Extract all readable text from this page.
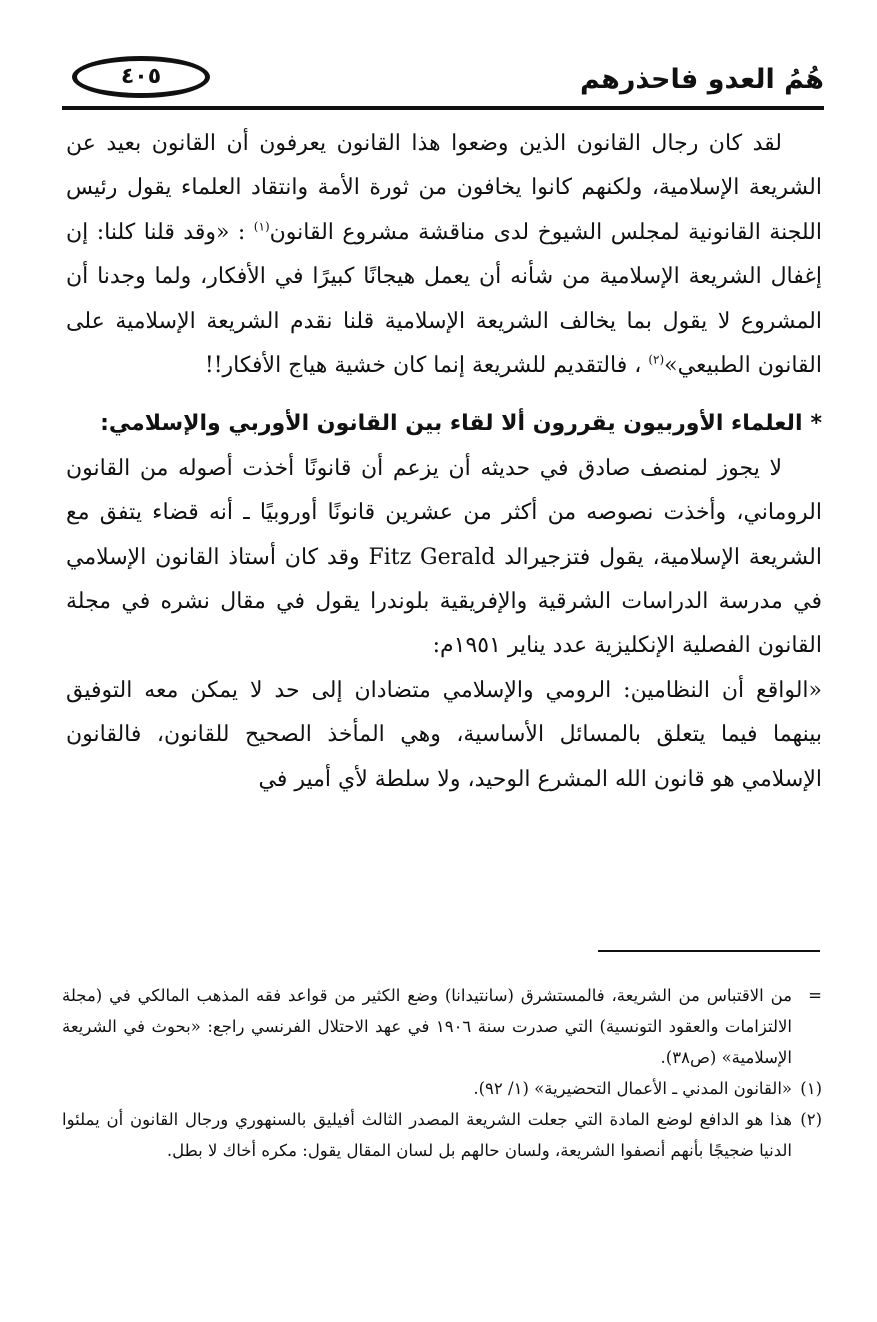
هُمُ العدو فاحذرهم
٤٠٥

لقد كان رجال القانون الذين وضعوا هذا القانون يعرفون أن القانون بعيد عن الشريعة الإسلامية، ولكنهم كانوا يخافون من ثورة الأمة وانتقاد العلماء يقول رئيس اللجنة القانونية لمجلس الشيوخ لدى مناقشة مشروع القانون$^{(١)}$ : «وقد قلنا كلنا: إن إغفال الشريعة الإسلامية من شأنه أن يعمل هيجانًا كبيرًا في الأفكار، ولما وجدنا أن المشروع لا يقول بما يخالف الشريعة الإسلامية قلنا نقدم الشريعة الإسلامية على القانون الطبيعي»$^{(٢)}$ ، فالتقديم للشريعة إنما كان خشية هياج الأفكار!!

*العلماء الأوربيون يقررون ألا لقاء بين القانون الأوربي والإسلامي:

لا يجوز لمنصف صادق في حديثه أن يزعم أن قانونًا أخذت أصوله من القانون الروماني، وأخذت نصوصه من أكثر من عشرين قانونًا أوروبيًا ـ أنه قضاء يتفق مع الشريعة الإسلامية، يقول فتزجيرالد Fitz Gerald وقد كان أستاذ القانون الإسلامي في مدرسة الدراسات الشرقية والإفريقية بلوندرا يقول في مقال نشره في مجلة القانون الفصلية الإنكليزية عدد يناير ١٩٥١م:

«الواقع أن النظامين: الرومي والإسلامي متضادان إلى حد لا يمكن معه التوفيق بينهما فيما يتعلق بالمسائل الأساسية، وهي المأخذ الصحيح للقانون، فالقانون الإسلامي هو قانون الله المشرع الوحيد، ولا سلطة لأي أمير في

=
من الاقتباس من الشريعة، فالمستشرق (سانتيدانا) وضع الكثير من قواعد فقه المذهب المالكي في (مجلة الالتزامات والعقود التونسية) التي صدرت سنة ١٩٠٦ في عهد الاحتلال الفرنسي راجع: «بحوث في الشريعة الإسلامية» (ص٣٨).

(١)
«القانون المدني ـ الأعمال التحضيرية» (١/ ٩٢).

(٢)
هذا هو الدافع لوضع المادة التي جعلت الشريعة المصدر الثالث أفيليق بالسنهوري ورجال القانون أن يملئوا الدنيا ضجيجًا بأنهم أنصفوا الشريعة، ولسان حالهم بل لسان المقال يقول: مكره أخاك لا بطل.
